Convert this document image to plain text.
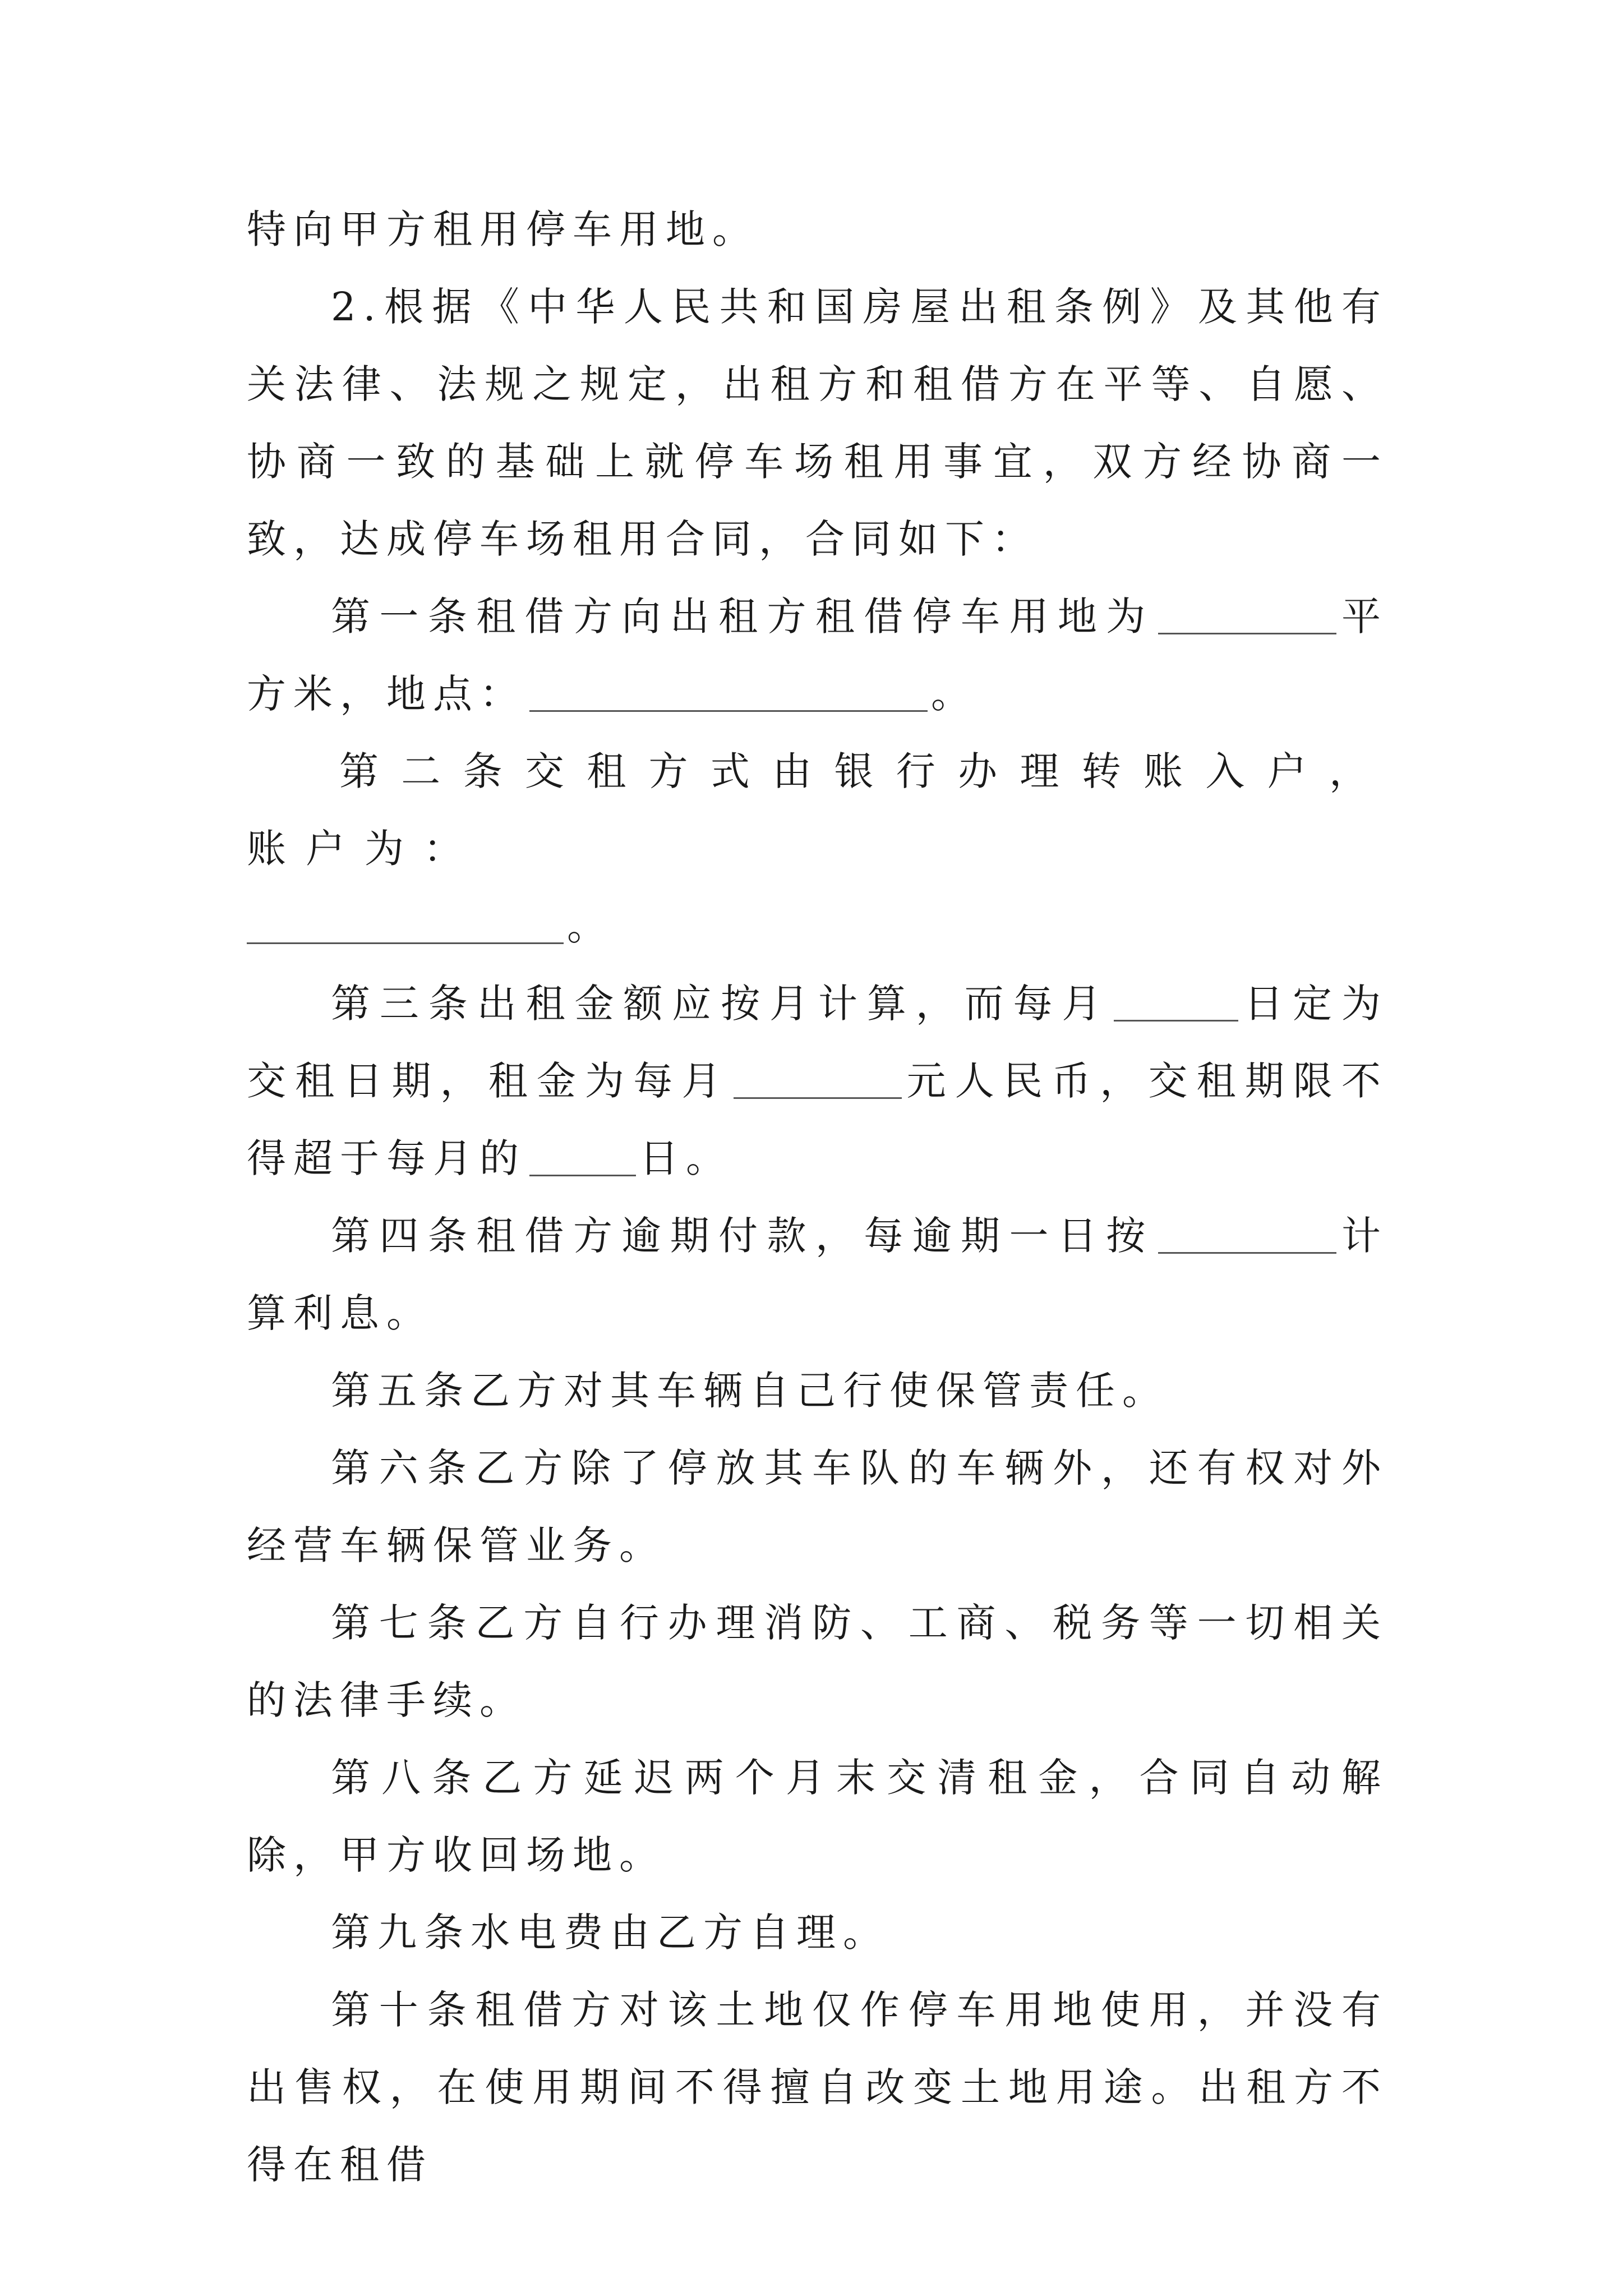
特向甲方租用停车用地。

2.根据《中华人民共和国房屋出租条例》及其他有关法律、法规之规定，出租方和租借方在平等、自愿、协商一致的基础上就停车场租用事宜，双方经协商一致，达成停车场租用合同，合同如下：

第一条租借方向出租方租借停车用地为	平方米，地点：	。

第二条交租方式由银行办理转账入户，账户为：
。

第三条出租金额应按月计算，而每月	日定为交租日期，租金为每月	元人民币，交租期限不得超于每月的	日。

第四条租借方逾期付款，每逾期一日按	计算利息。

第五条乙方对其车辆自己行使保管责任。

第六条乙方除了停放其车队的车辆外，还有权对外经营车辆保管业务。

第七条乙方自行办理消防、工商、税务等一切相关的法律手续。

第八条乙方延迟两个月末交清租金，合同自动解除，甲方收回场地。

第九条水电费由乙方自理。

第十条租借方对该土地仅作停车用地使用，并没有出售权，在使用期间不得擅自改变土地用途。出租方不得在租借
